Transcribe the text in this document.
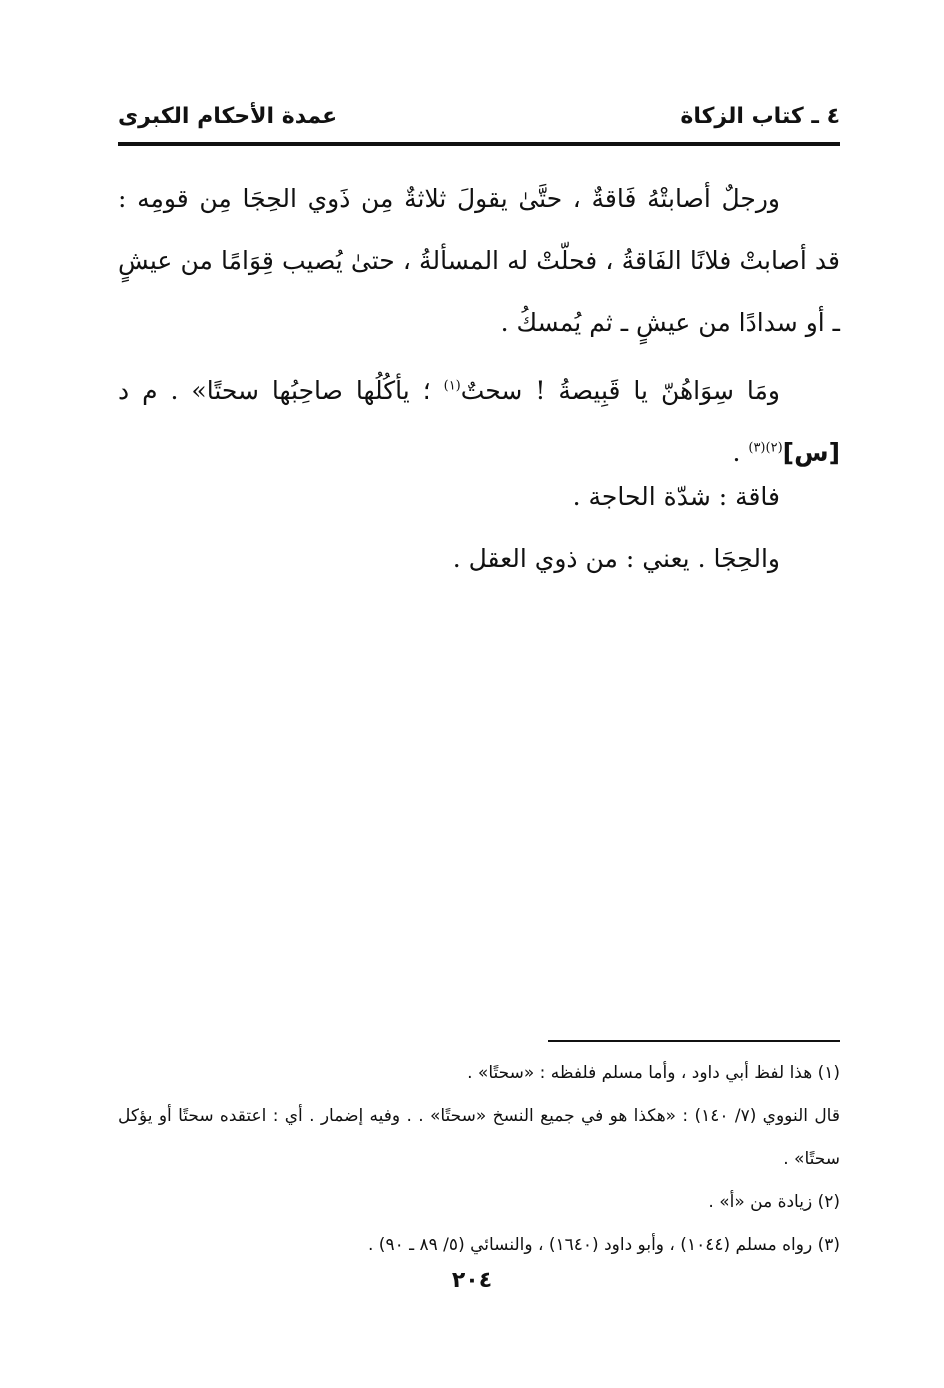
٤ ـ كتاب الزكاة
عمدة الأحكام الكبرى

ورجلٌ أصابتْهُ فَاقةٌ ، حتَّىٰ يقولَ ثلاثةٌ مِن ذَوي الحِجَا مِن قومِه : قد أصابتْ فلانًا الفَاقةُ ، فحلّتْ له المسألةُ ، حتىٰ يُصيب قِوَامًا من عيشٍ ـ أو سدادًا من عيشٍ ـ ثم يُمسكُ .

ومَا سِوَاهُنّ يا قَبِيصةُ ! سحتٌ$^{(١)}$ ؛ يأكُلُها صاحِبُها سحتًا» . م د [س]$^{(٢)(٣)}$ .

فاقة : شدّة الحاجة .

والحِجَا . يعني : من ذوي العقل .

(١) هذا لفظ أبي داود ، وأما مسلم فلفظه : «سحتًا» .

قال النووي (٧/ ١٤٠) : «هكذا هو في جميع النسخ «سحتًا» . . وفيه إضمار . أي : اعتقده سحتًا أو يؤكل سحتًا» .

(٢) زيادة من «أ» .

(٣) رواه مسلم (١٠٤٤) ، وأبو داود (١٦٤٠) ، والنسائي (٥/ ٨٩ ـ ٩٠) .

٢٠٤
